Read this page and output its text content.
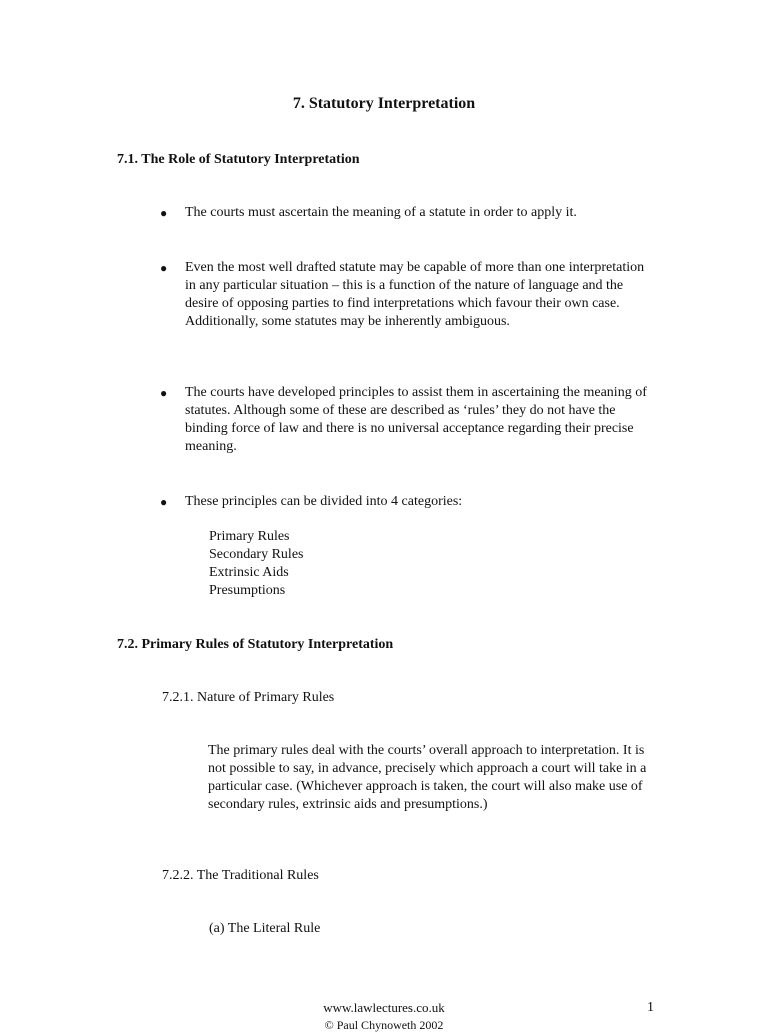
7. Statutory Interpretation
7.1. The Role of Statutory Interpretation
● The courts must ascertain the meaning of a statute in order to apply it.
● Even the most well drafted statute may be capable of more than one interpretation in any particular situation – this is a function of the nature of language and the desire of opposing parties to find interpretations which favour their own case. Additionally, some statutes may be inherently ambiguous.
● The courts have developed principles to assist them in ascertaining the meaning of statutes. Although some of these are described as ‘rules’ they do not have the binding force of law and there is no universal acceptance regarding their precise meaning.
● These principles can be divided into 4 categories:
Primary Rules
Secondary Rules
Extrinsic Aids
Presumptions
7.2. Primary Rules of Statutory Interpretation
7.2.1. Nature of Primary Rules
The primary rules deal with the courts’ overall approach to interpretation. It is not possible to say, in advance, precisely which approach a court will take in a particular case. (Whichever approach is taken, the court will also make use of secondary rules, extrinsic aids and presumptions.)
7.2.2. The Traditional Rules
(a) The Literal Rule
www.lawlectures.co.uk
© Paul Chynoweth 2002
1
